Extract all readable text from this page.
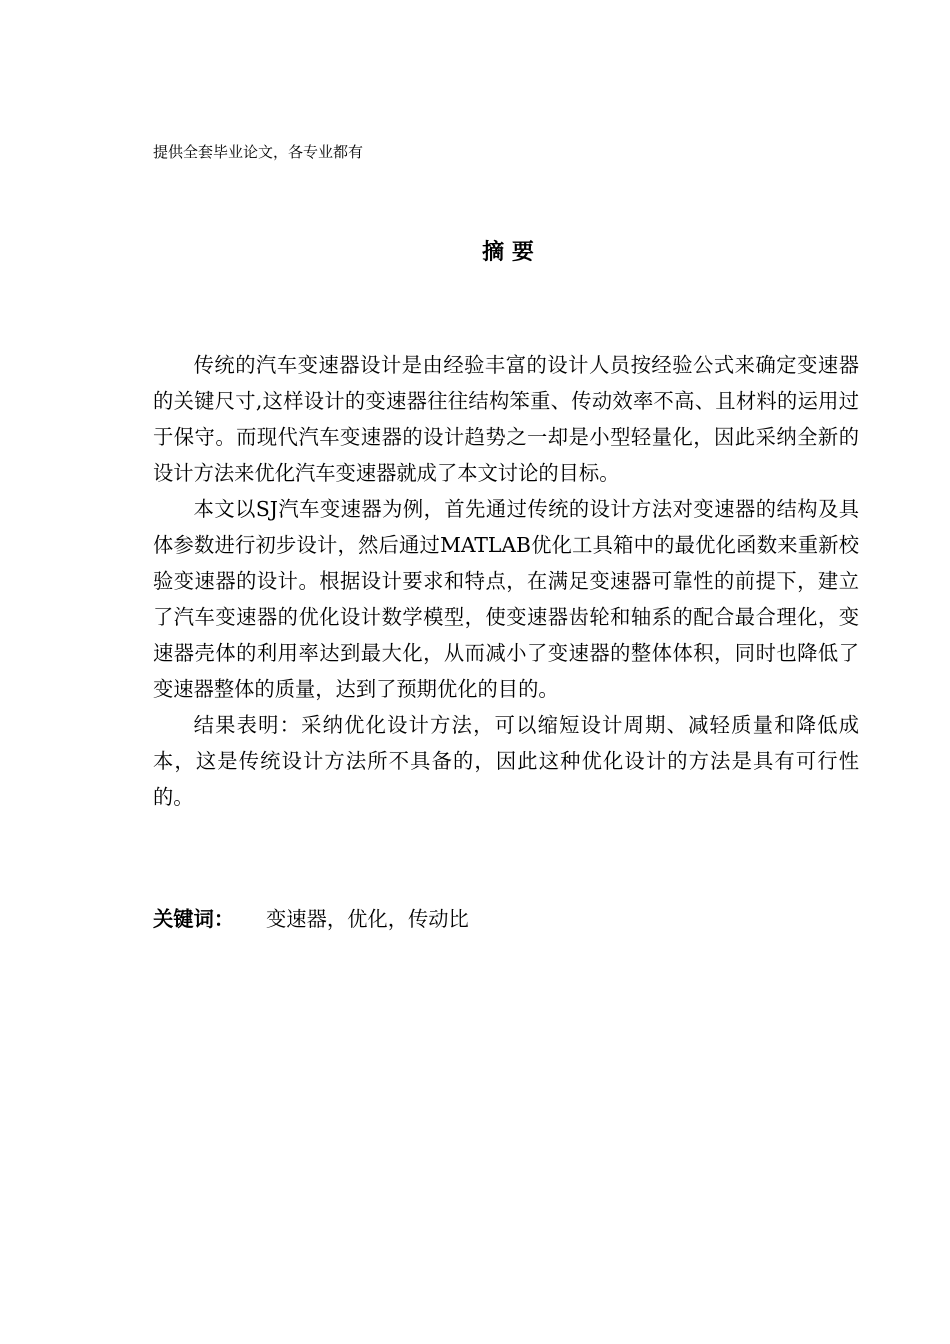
提供全套毕业论文，各专业都有
摘 要

传统的汽车变速器设计是由经验丰富的设计人员按经验公式来确定变速器的关键尺寸,这样设计的变速器往往结构笨重、传动效率不高、且材料的运用过于保守。而现代汽车变速器的设计趋势之一却是小型轻量化，因此采纳全新的设计方法来优化汽车变速器就成了本文讨论的目标。

本文以SJ汽车变速器为例，首先通过传统的设计方法对变速器的结构及具体参数进行初步设计，然后通过MATLAB优化工具箱中的最优化函数来重新校验变速器的设计。根据设计要求和特点，在满足变速器可靠性的前提下，建立了汽车变速器的优化设计数学模型，使变速器齿轮和轴系的配合最合理化，变速器壳体的利用率达到最大化，从而减小了变速器的整体体积，同时也降低了变速器整体的质量，达到了预期优化的目的。

结果表明：采纳优化设计方法，可以缩短设计周期、减轻质量和降低成本，这是传统设计方法所不具备的，因此这种优化设计的方法是具有可行性的。

关键词： 变速器，优化，传动比
